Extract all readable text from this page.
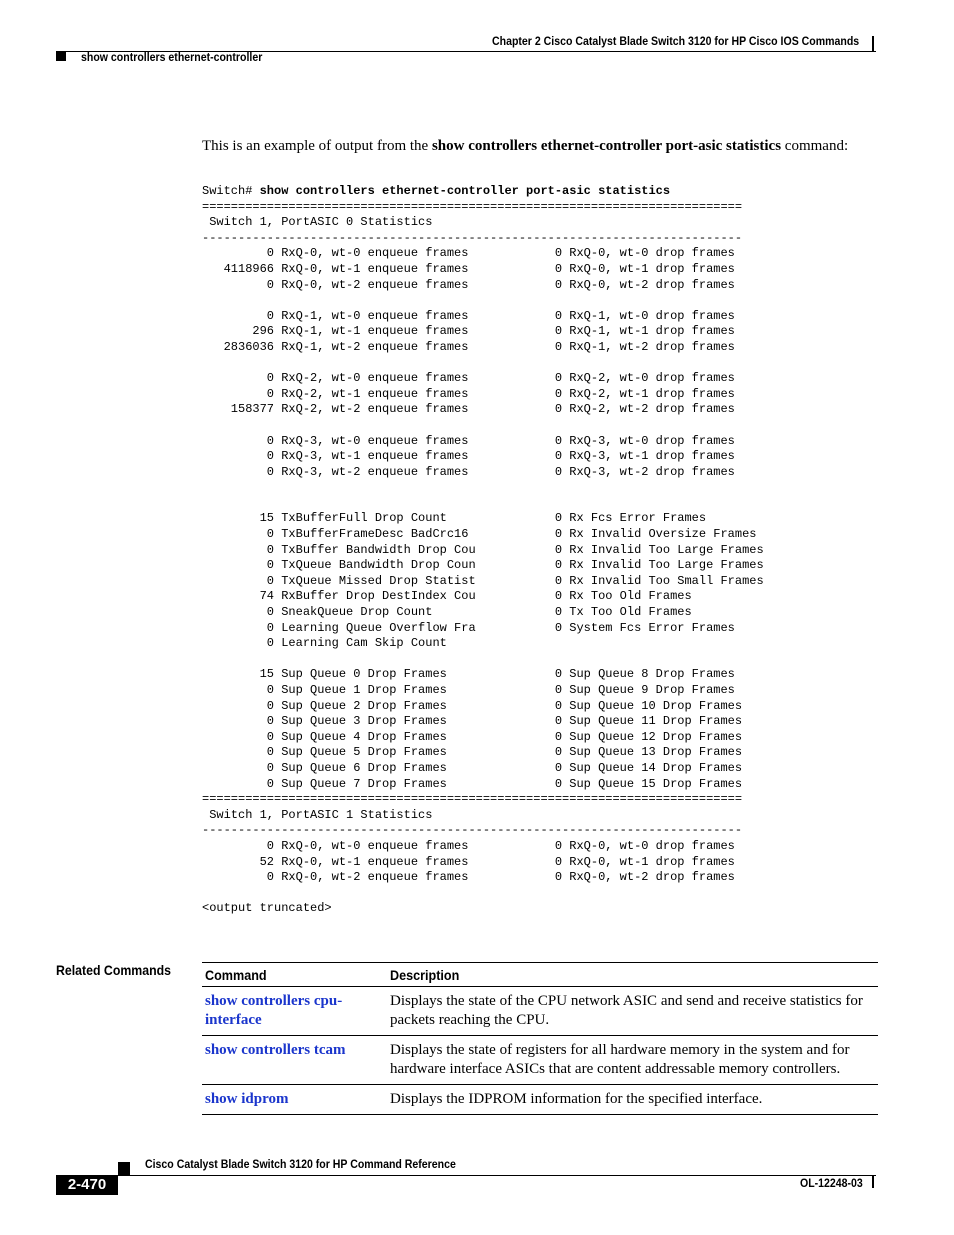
Chapter 2 Cisco Catalyst Blade Switch 3120 for HP Cisco IOS Commands
show controllers ethernet-controller
This is an example of output from the show controllers ethernet-controller port-asic statistics command:
Switch# show controllers ethernet-controller port-asic statistics
===========================================================================
Switch 1, PortASIC 0 Statistics
---------------------------------------------------------------------------
0 RxQ-0, wt-0 enqueue frames            0 RxQ-0, wt-0 drop frames
4118966 RxQ-0, wt-1 enqueue frames            0 RxQ-0, wt-1 drop frames
0 RxQ-0, wt-2 enqueue frames            0 RxQ-0, wt-2 drop frames

0 RxQ-1, wt-0 enqueue frames            0 RxQ-1, wt-0 drop frames
296 RxQ-1, wt-1 enqueue frames            0 RxQ-1, wt-1 drop frames
2836036 RxQ-1, wt-2 enqueue frames            0 RxQ-1, wt-2 drop frames

0 RxQ-2, wt-0 enqueue frames            0 RxQ-2, wt-0 drop frames
0 RxQ-2, wt-1 enqueue frames            0 RxQ-2, wt-1 drop frames
158377 RxQ-2, wt-2 enqueue frames            0 RxQ-2, wt-2 drop frames

0 RxQ-3, wt-0 enqueue frames            0 RxQ-3, wt-0 drop frames
0 RxQ-3, wt-1 enqueue frames            0 RxQ-3, wt-1 drop frames
0 RxQ-3, wt-2 enqueue frames            0 RxQ-3, wt-2 drop frames

15 TxBufferFull Drop Count               0 Rx Fcs Error Frames
0 TxBufferFrameDesc BadCrc16            0 Rx Invalid Oversize Frames
0 TxBuffer Bandwidth Drop Cou           0 Rx Invalid Too Large Frames
0 TxQueue Bandwidth Drop Coun           0 Rx Invalid Too Large Frames
0 TxQueue Missed Drop Statist           0 Rx Invalid Too Small Frames
74 RxBuffer Drop DestIndex Cou           0 Rx Too Old Frames
0 SneakQueue Drop Count                 0 Tx Too Old Frames
0 Learning Queue Overflow Fra           0 System Fcs Error Frames
0 Learning Cam Skip Count

15 Sup Queue 0 Drop Frames               0 Sup Queue 8 Drop Frames
0 Sup Queue 1 Drop Frames               0 Sup Queue 9 Drop Frames
0 Sup Queue 2 Drop Frames               0 Sup Queue 10 Drop Frames
0 Sup Queue 3 Drop Frames               0 Sup Queue 11 Drop Frames
0 Sup Queue 4 Drop Frames               0 Sup Queue 12 Drop Frames
0 Sup Queue 5 Drop Frames               0 Sup Queue 13 Drop Frames
0 Sup Queue 6 Drop Frames               0 Sup Queue 14 Drop Frames
0 Sup Queue 7 Drop Frames               0 Sup Queue 15 Drop Frames
===========================================================================
Switch 1, PortASIC 1 Statistics
---------------------------------------------------------------------------
0 RxQ-0, wt-0 enqueue frames            0 RxQ-0, wt-0 drop frames
52 RxQ-0, wt-1 enqueue frames            0 RxQ-0, wt-1 drop frames
0 RxQ-0, wt-2 enqueue frames            0 RxQ-0, wt-2 drop frames

<output truncated>
Related Commands Command	Description
show controllers cpu-interface	Displays the state of the CPU network ASIC and send and receive statistics for packets reaching the CPU.
show controllers tcam	Displays the state of registers for all hardware memory in the system and for hardware interface ASICs that are content addressable memory controllers.
show idprom	Displays the IDPROM information for the specified interface.
Cisco Catalyst Blade Switch 3120 for HP Command Reference
2-470	OL-12248-03
